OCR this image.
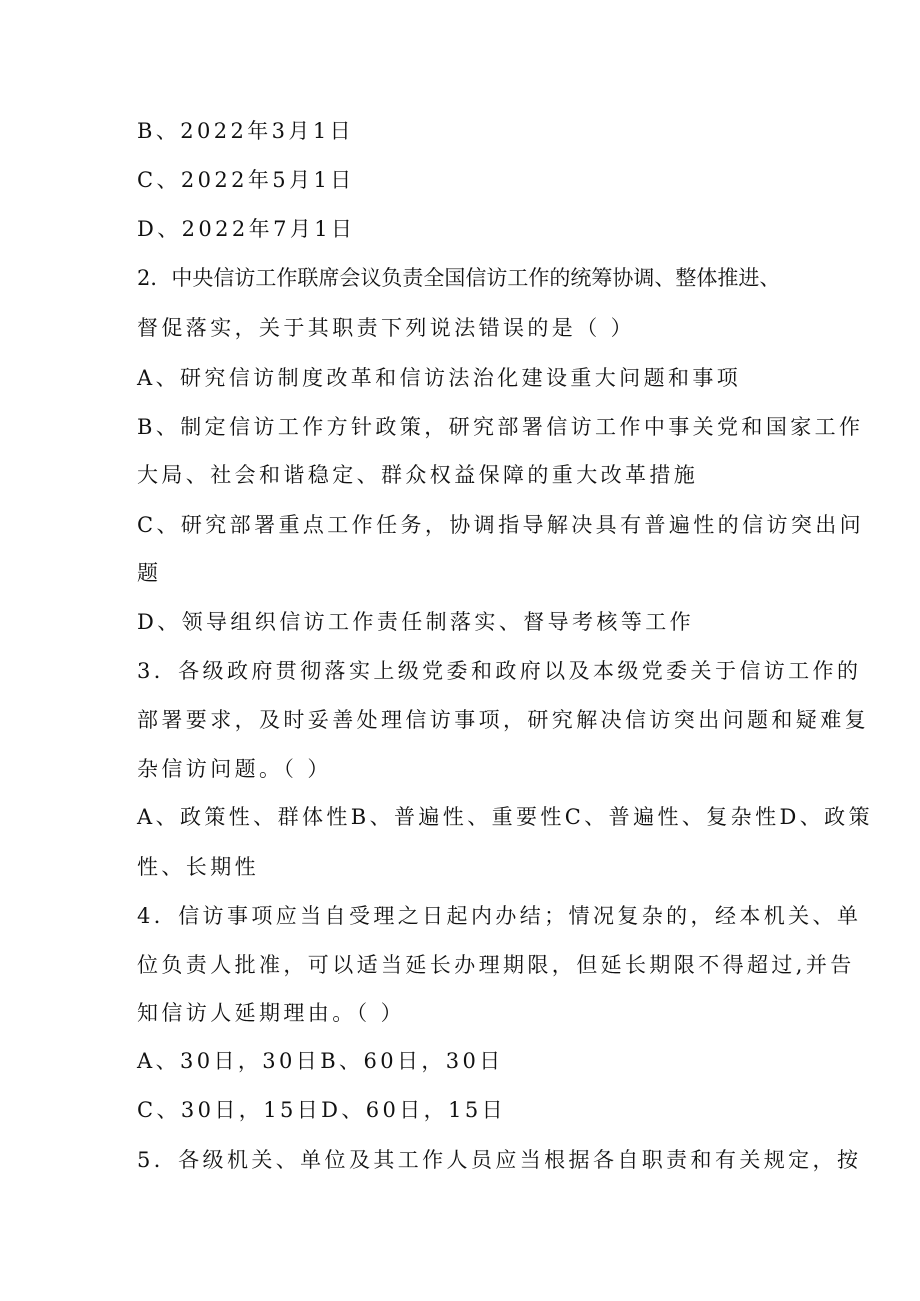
B、2022年3月1日
C、2022年5月1日
D、2022年7月1日
2．中央信访工作联席会议负责全国信访工作的统筹协调、整体推进、
督促落实，关于其职责下列说法错误的是（ ）
A、研究信访制度改革和信访法治化建设重大问题和事项
B、制定信访工作方针政策，研究部署信访工作中事关党和国家工作
大局、社会和谐稳定、群众权益保障的重大改革措施
C、研究部署重点工作任务，协调指导解决具有普遍性的信访突出问
题
D、领导组织信访工作责任制落实、督导考核等工作
3．各级政府贯彻落实上级党委和政府以及本级党委关于信访工作的
部署要求，及时妥善处理信访事项，研究解决信访突出问题和疑难复
杂信访问题。（ ）
A、政策性、群体性B、普遍性、重要性C、普遍性、复杂性D、政策
性、长期性
4．信访事项应当自受理之日起内办结；情况复杂的，经本机关、单
位负责人批准，可以适当延长办理期限，但延长期限不得超过,并告
知信访人延期理由。（ ）
A、30日，30日B、60日，30日
C、30日，15日D、60日，15日
5．各级机关、单位及其工作人员应当根据各自职责和有关规定，按
